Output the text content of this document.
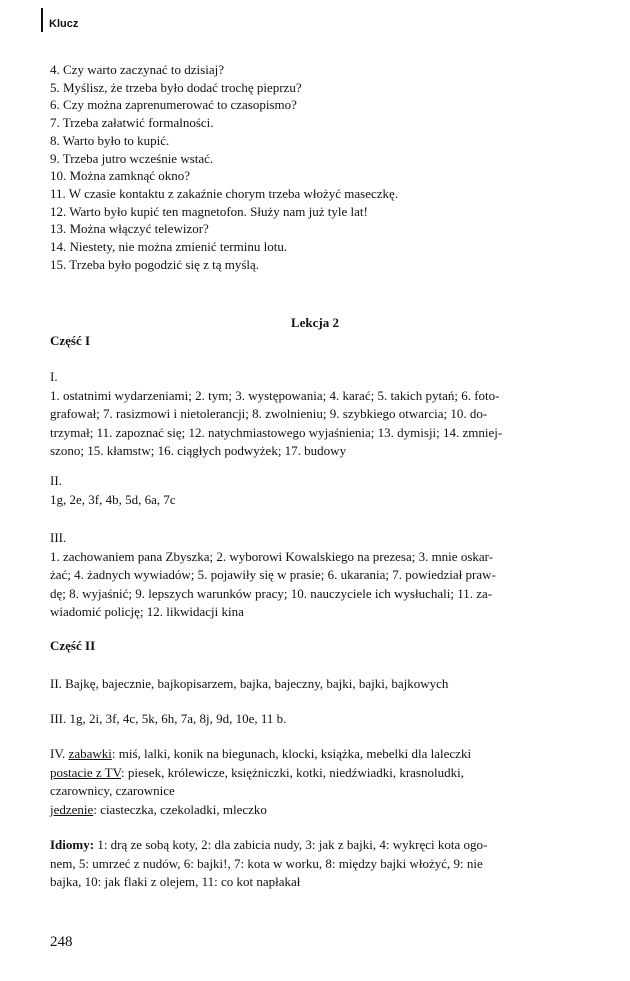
Klucz
4. Czy warto zaczynać to dzisiaj?
5. Myślisz, że trzeba było dodać trochę pieprzu?
6. Czy można zaprenumerować to czasopismo?
7. Trzeba załatwić formalności.
8. Warto było to kupić.
9. Trzeba jutro wcześnie wstać.
10. Można zamknąć okno?
11. W czasie kontaktu z zakaźnie chorym trzeba włożyć maseczkę.
12. Warto było kupić ten magnetofon. Służy nam już tyle lat!
13. Można włączyć telewizor?
14. Niestety, nie można zmienić terminu lotu.
15. Trzeba było pogodzić się z tą myślą.
Lekcja 2
Część I
I.
1. ostatnimi wydarzeniami; 2. tym; 3. występowania; 4. karać; 5. takich pytań; 6. foto-
grafował; 7. rasizmowi i nietolerancji; 8. zwolnieniu; 9. szybkiego otwarcia; 10. do-
trzymał; 11. zapoznać się; 12. natychmiastowego wyjaśnienia; 13. dymisji; 14. zmniej-
szono; 15. kłamstw; 16. ciągłych podwyżek; 17. budowy
II.
1g, 2e, 3f, 4b, 5d, 6a, 7c
III.
1. zachowaniem pana Zbyszka; 2. wyborowi Kowalskiego na prezesa; 3. mnie oskar-
żać; 4. żadnych wywiadów; 5. pojawiły się w prasie; 6. ukarania; 7. powiedział praw-
dę; 8. wyjaśnić; 9. lepszych warunków pracy; 10. nauczyciele ich wysłuchali; 11. za-
wiadomić policję; 12. likwidacji kina
Część II
II. Bajkę, bajecznie, bajkopisarzem, bajka, bajeczny, bajki, bajki, bajkowych
III. 1g, 2i, 3f, 4c, 5k, 6h, 7a, 8j, 9d, 10e, 11 b.
IV. zabawki: miś, lalki, konik na biegunach, klocki, książka, mebelki dla laleczki
postacie z TV: piesek, królewicze, księżniczki, kotki, niedźwiadki, krasnoludki,
czarownicy, czarownice
jedzenie: ciasteczka, czekoladki, mleczko
Idiomy: 1: drą ze sobą koty, 2: dla zabicia nudy, 3: jak z bajki, 4: wykręci kota ogo-
nem, 5: umrzeć z nudów, 6: bajki!, 7: kota w worku, 8: między bajki włożyć, 9: nie
bajka, 10: jak flaki z olejem, 11: co kot napłakał
248
